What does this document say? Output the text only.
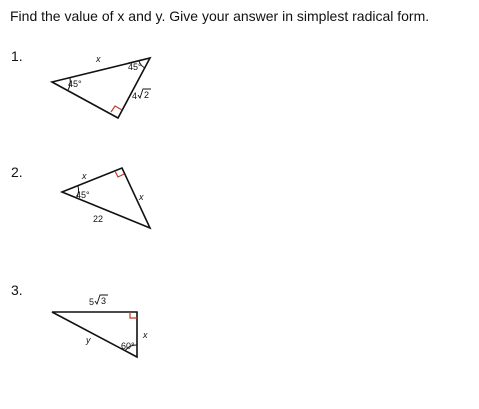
Find the value of x and y. Give your answer in simplest radical form.
1.
2.
3.
x
45°
45°
4 2
x
45°
22
x
5 3
x
y
60°
